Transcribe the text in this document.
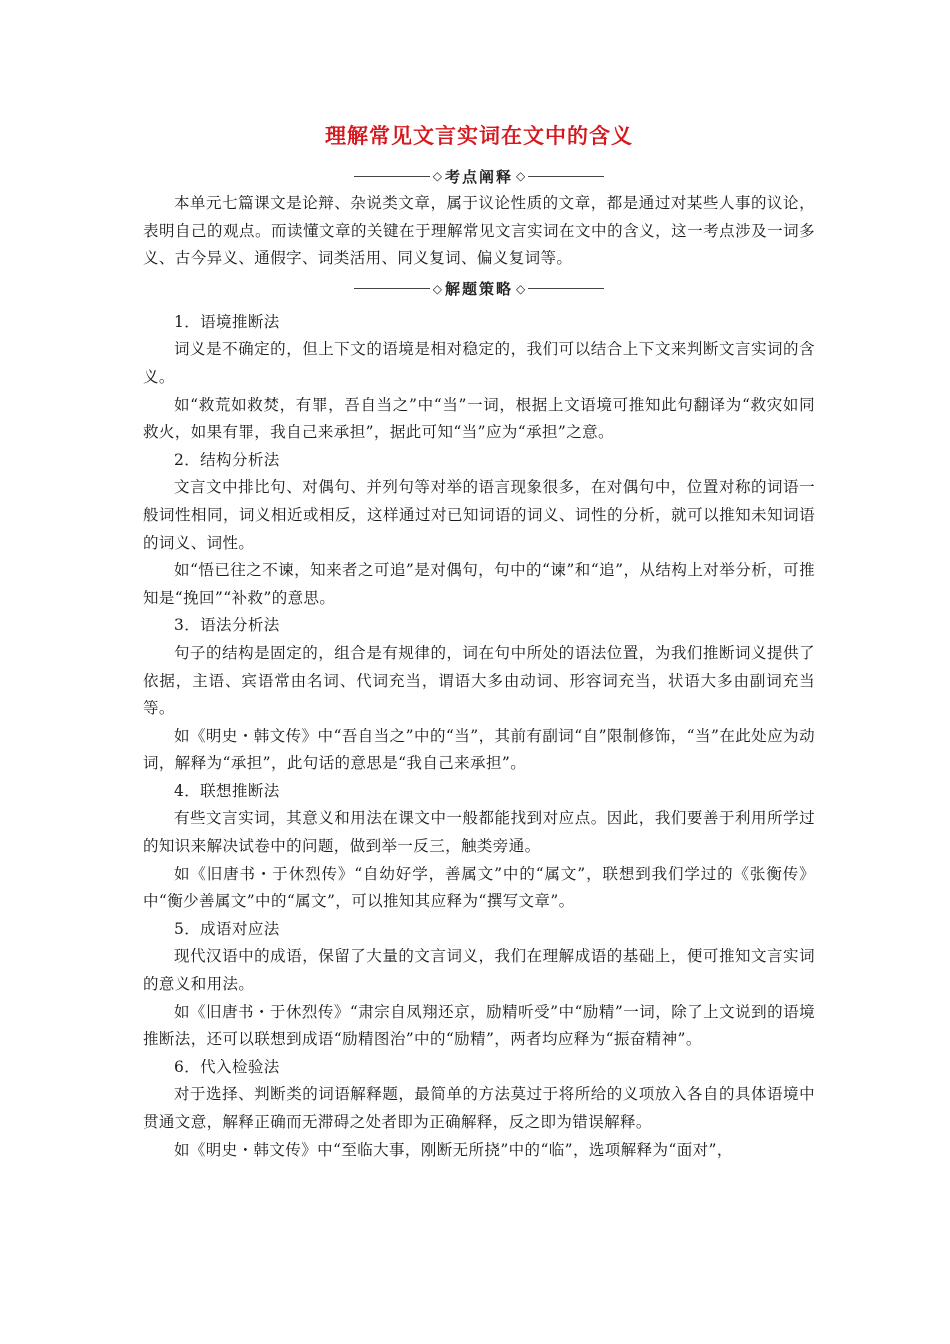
理解常见文言实词在文中的含义
◇ 考点阐释 ◇

本单元七篇课文是论辩、杂说类文章，属于议论性质的文章，都是通过对某些人事的议论，表明自己的观点。而读懂文章的关键在于理解常见文言实词在文中的含义，这一考点涉及一词多义、古今异义、通假字、词类活用、同义复词、偏义复词等。

◇ 解题策略 ◇

1．语境推断法

词义是不确定的，但上下文的语境是相对稳定的，我们可以结合上下文来判断文言实词的含义。

如“救荒如救焚，有罪，吾自当之”中“当”一词，根据上文语境可推知此句翻译为“救灾如同救火，如果有罪，我自己来承担”，据此可知“当”应为“承担”之意。

2．结构分析法

文言文中排比句、对偶句、并列句等对举的语言现象很多，在对偶句中，位置对称的词语一般词性相同，词义相近或相反，这样通过对已知词语的词义、词性的分析，就可以推知未知词语的词义、词性。

如“悟已往之不谏，知来者之可追”是对偶句，句中的“谏”和“追”，从结构上对举分析，可推知是“挽回”“补救”的意思。

3．语法分析法

句子的结构是固定的，组合是有规律的，词在句中所处的语法位置，为我们推断词义提供了依据，主语、宾语常由名词、代词充当，谓语大多由动词、形容词充当，状语大多由副词充当等。

如《明史・韩文传》中“吾自当之”中的“当”，其前有副词“自”限制修饰，“当”在此处应为动词，解释为“承担”，此句话的意思是“我自己来承担”。

4．联想推断法

有些文言实词，其意义和用法在课文中一般都能找到对应点。因此，我们要善于利用所学过的知识来解决试卷中的问题，做到举一反三，触类旁通。

如《旧唐书・于休烈传》“自幼好学，善属文”中的“属文”，联想到我们学过的《张衡传》中“衡少善属文”中的“属文”，可以推知其应释为“撰写文章”。

5．成语对应法

现代汉语中的成语，保留了大量的文言词义，我们在理解成语的基础上，便可推知文言实词的意义和用法。

如《旧唐书・于休烈传》“肃宗自凤翔还京，励精听受”中“励精”一词，除了上文说到的语境推断法，还可以联想到成语“励精图治”中的“励精”，两者均应释为“振奋精神”。

6．代入检验法

对于选择、判断类的词语解释题，最简单的方法莫过于将所给的义项放入各自的具体语境中贯通文意，解释正确而无滞碍之处者即为正确解释，反之即为错误解释。

如《明史・韩文传》中“至临大事，刚断无所挠”中的“临”，选项解释为“面对”，
